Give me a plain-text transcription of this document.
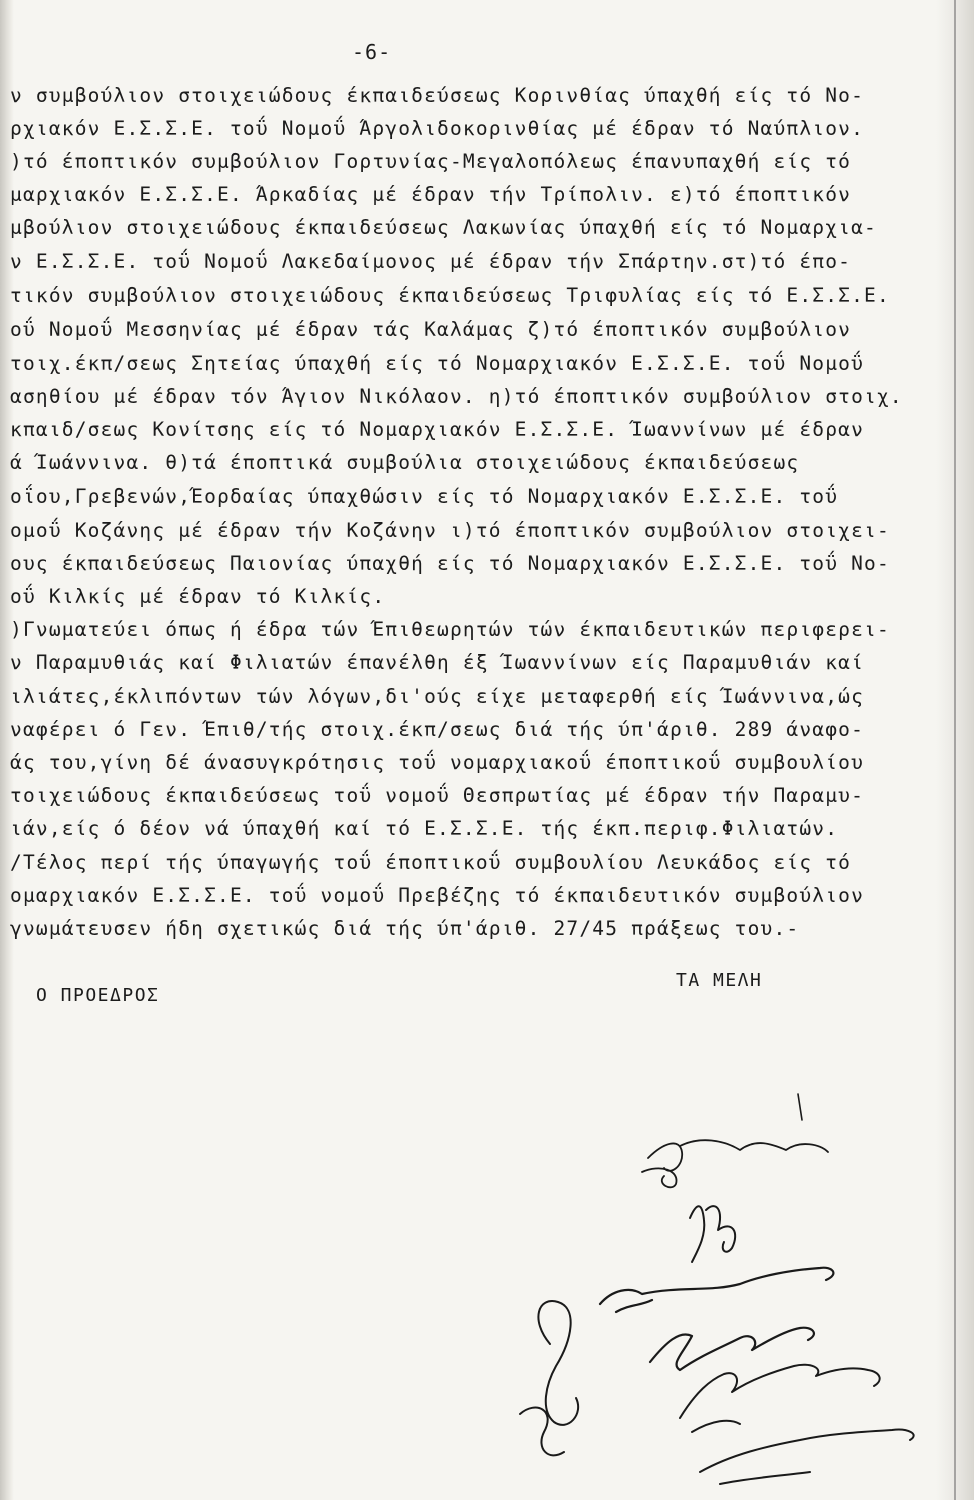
-6-
ν συμβούλιον στοιχειώδους έκπαιδεύσεως Κορινθίας ύπαχθή είς τό Νο-
ρχιακόν Ε.Σ.Σ.Ε. τοΰ Νομοΰ Άργολιδοκορινθίας μέ έδραν τό Ναύπλιον.
)τό έποπτικόν συμβούλιον Γορτυνίας-Μεγαλοπόλεως έπανυπαχθή είς τό
μαρχιακόν Ε.Σ.Σ.Ε. Άρκαδίας μέ έδραν τήν Τρίπολιν. ε)τό έποπτικόν
μβούλιον στοιχειώδους έκπαιδεύσεως Λακωνίας ύπαχθή είς τό Νομαρχια-
ν Ε.Σ.Σ.Ε. τοΰ Νομοΰ Λακεδαίμονος μέ έδραν τήν Σπάρτην.στ)τό έπο-
τικόν συμβούλιον στοιχειώδους έκπαιδεύσεως Τριφυλίας είς τό Ε.Σ.Σ.Ε.
οΰ Νομοΰ Μεσσηνίας μέ έδραν τάς Καλάμας ζ)τό έποπτικόν συμβούλιον
τοιχ.έκπ/σεως Σητείας ύπαχθή είς τό Νομαρχιακόν Ε.Σ.Σ.Ε. τοΰ Νομοΰ
ασηθίου μέ έδραν τόν Άγιον Νικόλαον. η)τό έποπτικόν συμβούλιον στοιχ.
κπαιδ/σεως Κονίτσης είς τό Νομαρχιακόν Ε.Σ.Σ.Ε. Ίωαννίνων μέ έδραν
ά Ίωάννινα. θ)τά έποπτικά συμβούλια στοιχειώδους έκπαιδεύσεως
οΐου,Γρεβενών,Έορδαίας ύπαχθώσιν είς τό Νομαρχιακόν Ε.Σ.Σ.Ε. τοΰ
ομοΰ Κοζάνης μέ έδραν τήν Κοζάνην ι)τό έποπτικόν συμβούλιον στοιχει-
ους έκπαιδεύσεως Παιονίας ύπαχθή είς τό Νομαρχιακόν Ε.Σ.Σ.Ε. τοΰ Νο-
οΰ Κιλκίς μέ έδραν τό Κιλκίς.
)Γνωματεύει όπως ή έδρα τών Έπιθεωρητών τών έκπαιδευτικών περιφερει-
ν Παραμυθιάς καί Φιλιατών έπανέλθη έξ Ίωαννίνων είς Παραμυθιάν καί
ιλιάτες,έκλιπόντων τών λόγων,δι'ούς είχε μεταφερθή είς Ίωάννινα,ώς
ναφέρει ό Γεν. Έπιθ/τής στοιχ.έκπ/σεως διά τής ύπ'άριθ. 289 άναφο-
άς του,γίνη δέ άνασυγκρότησις τοΰ νομαρχιακοΰ έποπτικοΰ συμβουλίου
τοιχειώδους έκπαιδεύσεως τοΰ νομοΰ Θεσπρωτίας μέ έδραν τήν Παραμυ-
ιάν,είς ό δέον νά ύπαχθή καί τό Ε.Σ.Σ.Ε. τής έκπ.περιφ.Φιλιατών.
/Τέλος περί τής ύπαγωγής τοΰ έποπτικοΰ συμβουλίου Λευκάδος είς τό
ομαρχιακόν Ε.Σ.Σ.Ε. τοΰ νομοΰ Πρεβέζης τό έκπαιδευτικόν συμβούλιον
γνωμάτευσεν ήδη σχετικώς διά τής ύπ'άριθ. 27/45 πράξεως του.-
Ο ΠΡΟΕΔΡΟΣ
ΤΑ ΜΕΛΗ
